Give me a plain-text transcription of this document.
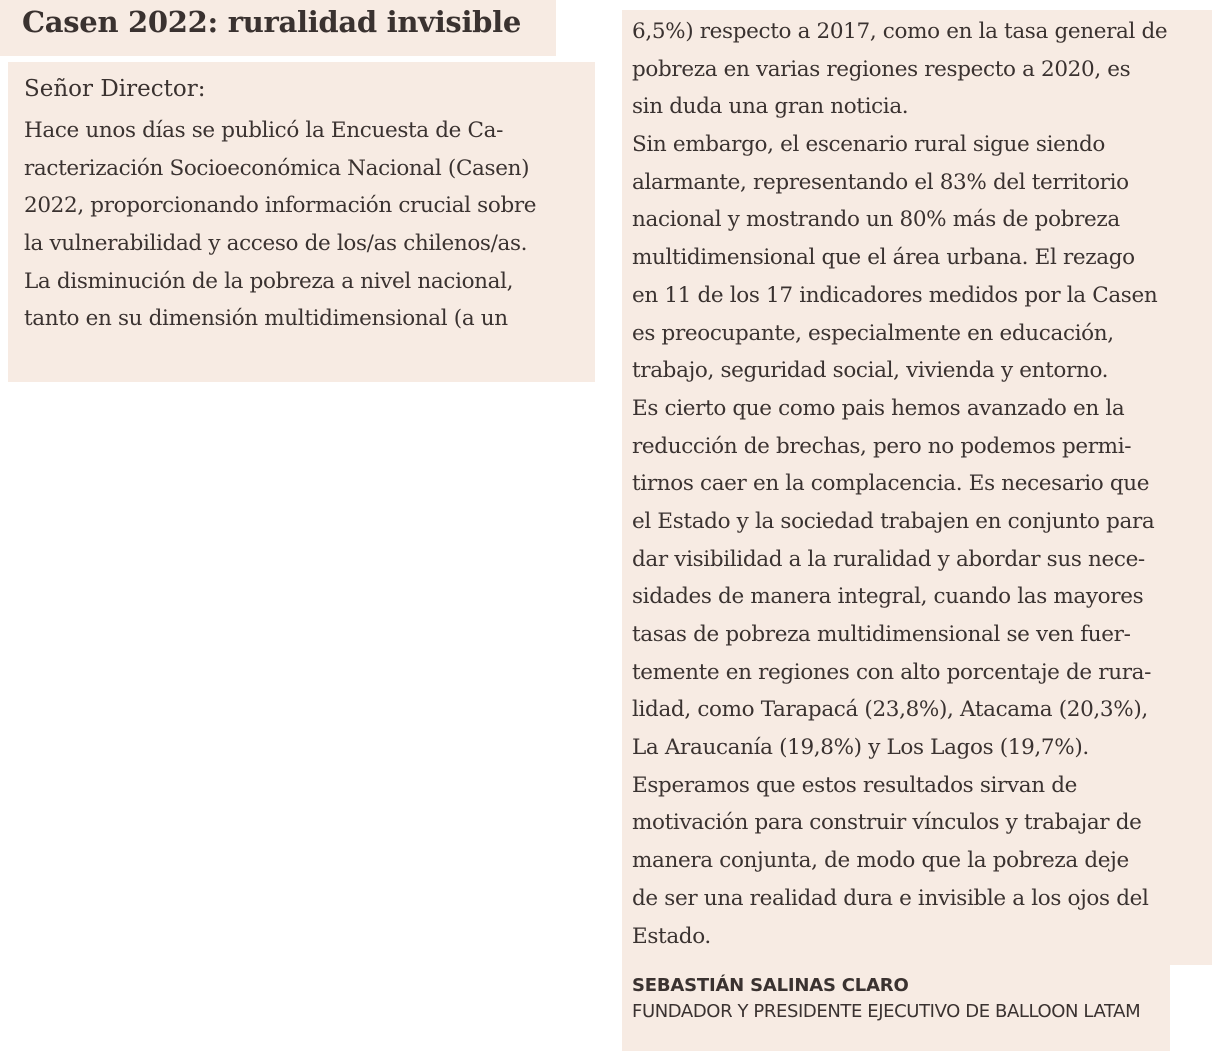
Casen 2022: ruralidad invisible
Señor Director:
Hace unos días se publicó la Encuesta de Ca-
racterización Socioeconómica Nacional (Casen)
2022, proporcionando información crucial sobre
la vulnerabilidad y acceso de los/as chilenos/as.
La disminución de la pobreza a nivel nacional,
tanto en su dimensión multidimensional (a un
6,5%) respecto a 2017, como en la tasa general de
pobreza en varias regiones respecto a 2020, es
sin duda una gran noticia.
Sin embargo, el escenario rural sigue siendo
alarmante, representando el 83% del territorio
nacional y mostrando un 80% más de pobreza
multidimensional que el área urbana. El rezago
en 11 de los 17 indicadores medidos por la Casen
es preocupante, especialmente en educación,
trabajo, seguridad social, vivienda y entorno.
Es cierto que como pais hemos avanzado en la
reducción de brechas, pero no podemos permi-
tirnos caer en la complacencia. Es necesario que
el Estado y la sociedad trabajen en conjunto para
dar visibilidad a la ruralidad y abordar sus nece-
sidades de manera integral, cuando las mayores
tasas de pobreza multidimensional se ven fuer-
temente en regiones con alto porcentaje de rura-
lidad, como Tarapacá (23,8%), Atacama (20,3%),
La Araucanía (19,8%) y Los Lagos (19,7%).
Esperamos que estos resultados sirvan de
motivación para construir vínculos y trabajar de
manera conjunta, de modo que la pobreza deje
de ser una realidad dura e invisible a los ojos del
Estado.
SEBASTIÁN SALINAS CLARO
FUNDADOR Y PRESIDENTE EJECUTIVO DE BALLOON LATAM
